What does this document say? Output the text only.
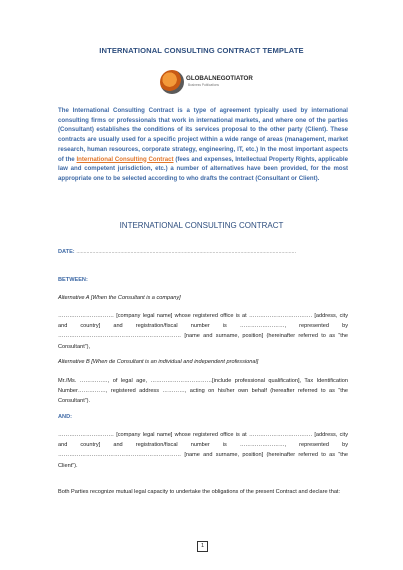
INTERNATIONAL CONSULTING CONTRACT TEMPLATE
GLOBALNEGOTIATOR
Business Publications
The International Consulting Contract is a type of agreement typically used by international consulting firms or professionals that work in international markets, and where one of the parties (Consultant) establishes the conditions of its services proposal to the other party (Client). These contracts are usually used for a specific project within a wide range of areas (management, market research, human resources, corporate strategy, engineering, IT, etc.) In the most important aspects of the International Consulting Contract (fees and expenses, Intellectual Property Rights, applicable law and competent jurisdiction, etc.) a number of alternatives have been provided, for the most appropriate one to be selected according to who drafts the contract (Consultant or Client).
INTERNATIONAL CONSULTING CONTRACT
DATE: ……………………………………………………………………………………………………………………………………
BETWEEN:
Alternative A [When the Consultant is a company]
………………………… [company legal name] whose registered office is at ……………………………. [address, city and country] and registration/fiscal number is ……………………, represented by ………………………………………………………… [name and surname, position] (hereinafter referred to as “the Consultant”),
Alternative B [When de Consultant is an individual and independent professional]
Mr./Ms. ……………, of legal age, ……………………………[include professional qualification], Tax Identification Number……………, registered address …………, acting on his/her own behalf (hereafter referred to as “the Consultant”).
AND:
………………………… [company legal name] whose registered office is at ……………………………. [address, city and country] and registration/fiscal number is ……………………, represented by ………………………………………………………… [name and surname, position] (hereinafter referred to as “the Client”).
Both Parties recognize mutual legal capacity to undertake the obligations of the present Contract and declare that:
1
